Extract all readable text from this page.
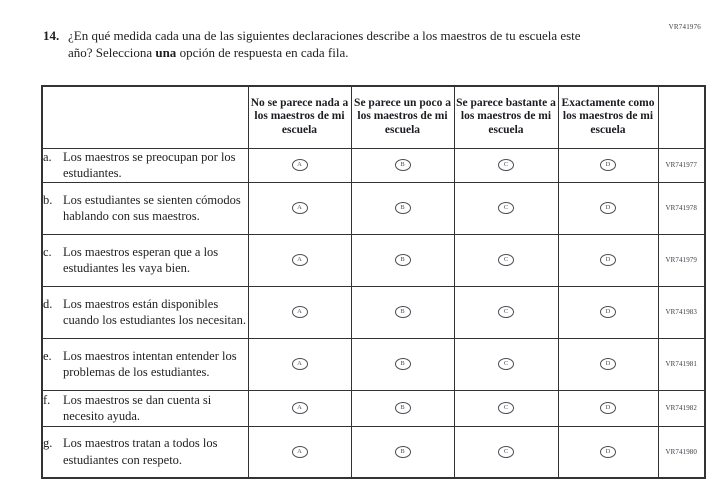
VR741976
14. ¿En qué medida cada una de las siguientes declaraciones describe a los maestros de tu escuela este año? Selecciona una opción de respuesta en cada fila.
	No se parece nada a los maestros de mi escuela	Se parece un poco a los maestros de mi escuela	Se parece bastante a los maestros de mi escuela	Exactamente como los maestros de mi escuela	

a. Los maestros se preocupan por los estudiantes.	A	B	C	D	VR741977

b. Los estudiantes se sienten cómodos hablando con sus maestros.	A	B	C	D	VR741978

c. Los maestros esperan que a los estudiantes les vaya bien.	A	B	C	D	VR741979

d. Los maestros están disponibles cuando los estudiantes los necesitan.	A	B	C	D	VR741983

e. Los maestros intentan entender los problemas de los estudiantes.	A	B	C	D	VR741981

f. Los maestros se dan cuenta si necesito ayuda.	A	B	C	D	VR741982

g. Los maestros tratan a todos los estudiantes con respeto.	A	B	C	D	VR741980
